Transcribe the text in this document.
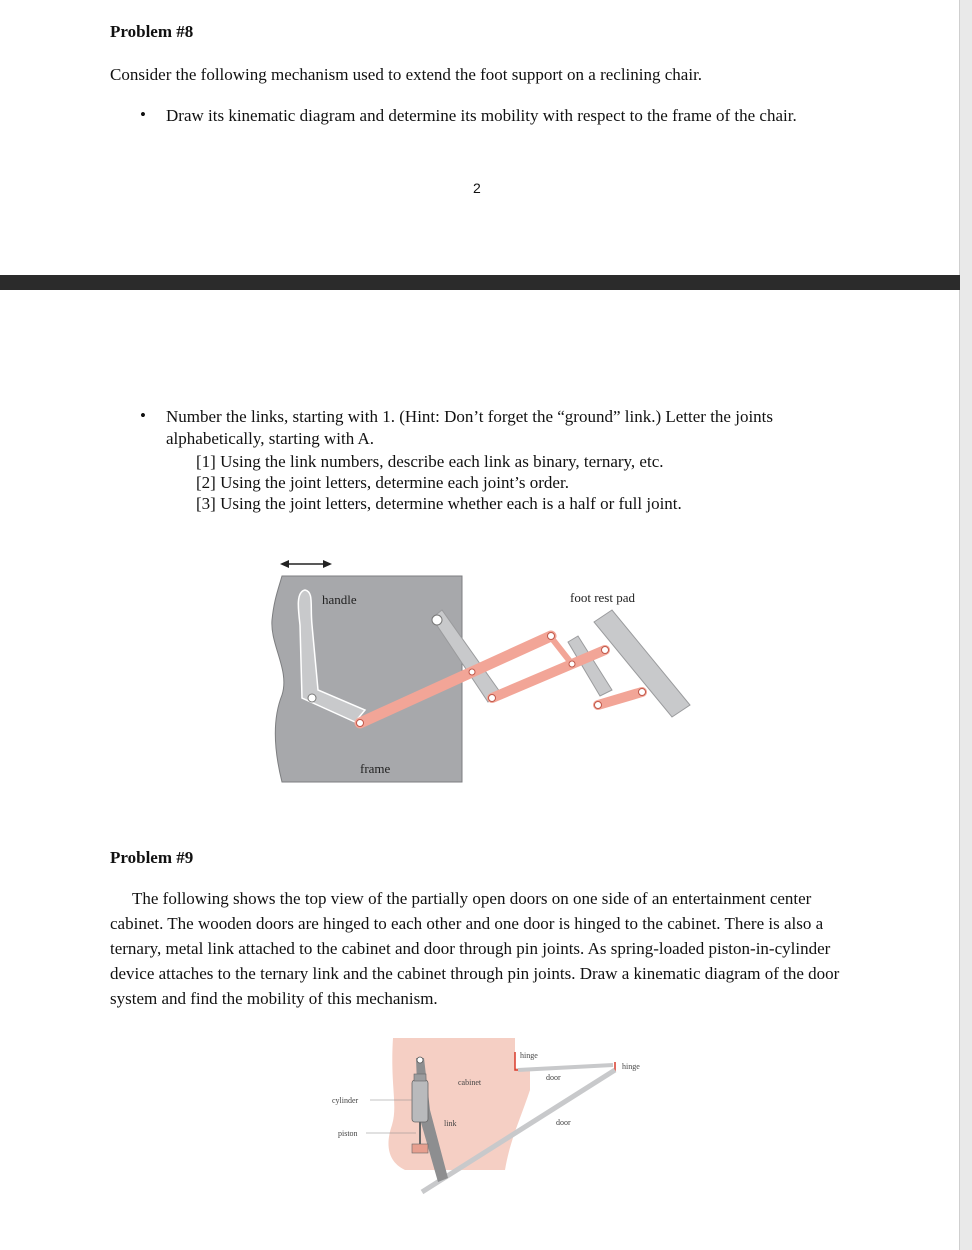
Problem #8
Consider the following mechanism used to extend the foot support on a reclining chair.
• Draw its kinematic diagram and determine its mobility with respect to the frame of the chair.
2
• Number the links, starting with 1. (Hint: Don’t forget the “ground” link.) Letter the joints alphabetically, starting with A.
[1] Using the link numbers, describe each link as binary, ternary, etc.
[2] Using the joint letters, determine each joint’s order.
[3] Using the joint letters, determine whether each is a half or full joint.
frame
handle	foot rest pad
Problem #9
The following shows the top view of the partially open doors on one side of an entertainment center cabinet. The wooden doors are hinged to each other and one door is hinged to the cabinet. There is also a ternary, metal link attached to the cabinet and door through pin joints. As spring-loaded piston-in-cylinder device attaches to the ternary link and the cabinet through pin joints. Draw a kinematic diagram of the door system and find the mobility of this mechanism.
cabinet
hinge
door
hinge
door
link
cylinder
piston
